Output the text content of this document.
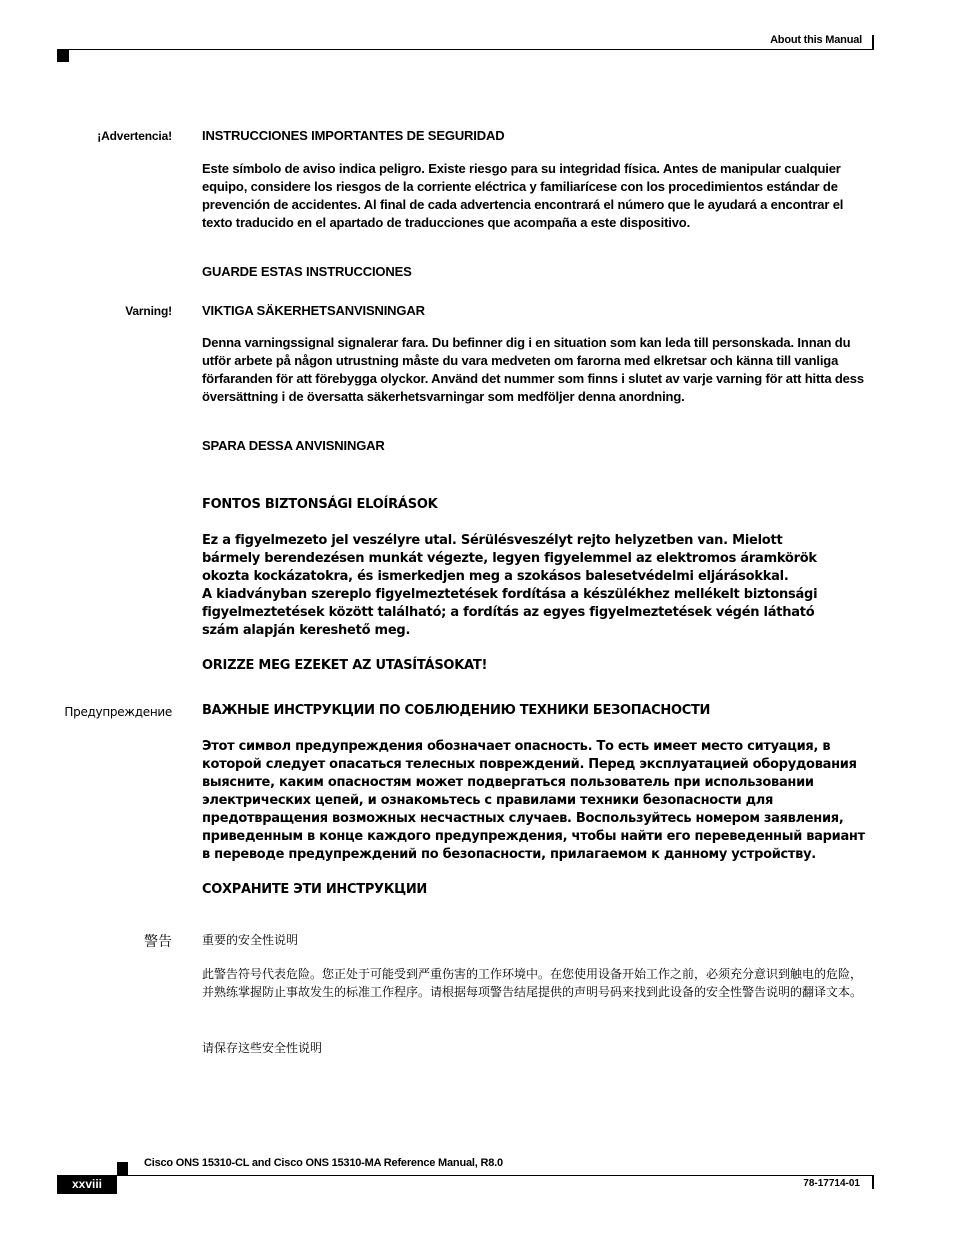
About this Manual
¡Advertencia! INSTRUCCIONES IMPORTANTES DE SEGURIDAD
Este símbolo de aviso indica peligro. Existe riesgo para su integridad física. Antes de manipular cualquier equipo, considere los riesgos de la corriente eléctrica y familiarícese con los procedimientos estándar de prevención de accidentes. Al final de cada advertencia encontrará el número que le ayudará a encontrar el texto traducido en el apartado de traducciones que acompaña a este dispositivo.
GUARDE ESTAS INSTRUCCIONES
Varning! VIKTIGA SÄKERHETSANVISNINGAR
Denna varningssignal signalerar fara. Du befinner dig i en situation som kan leda till personskada. Innan du utför arbete på någon utrustning måste du vara medveten om farorna med elkretsar och känna till vanliga förfaranden för att förebygga olyckor. Använd det nummer som finns i slutet av varje varning för att hitta dess översättning i de översatta säkerhetsvarningar som medföljer denna anordning.
SPARA DESSA ANVISNINGAR
FONTOS BIZTONSÁGI ELOÍRÁSOK
Ez a figyelmezeto jel veszélyre utal. Sérülésveszélyt rejto helyzetben van. Mielott
bármely berendezésen munkát végezte, legyen figyelemmel az elektromos áramkörök
okozta kockázatokra, és ismerkedjen meg a szokásos balesetvédelmi eljárásokkal.
A kiadványban szereplo figyelmeztetések fordítása a készülékhez mellékelt biztonsági
figyelmeztetések között található; a fordítás az egyes figyelmeztetések végén látható
szám alapján kereshető meg.
ORIZZE MEG EZEKET AZ UTASÍTÁSOKAT!
Предупреждение ВАЖНЫЕ ИНСТРУКЦИИ ПО СОБЛЮДЕНИЮ ТЕХНИКИ БЕЗОПАСНОСТИ
Этот символ предупреждения обозначает опасность. То есть имеет место ситуация, в которой следует опасаться телесных повреждений. Перед эксплуатацией оборудования выясните, каким опасностям может подвергаться пользователь при использовании электрических цепей, и ознакомьтесь с правилами техники безопасности для предотвращения возможных несчастных случаев. Воспользуйтесь номером заявления, приведенным в конце каждого предупреждения, чтобы найти его переведенный вариант в переводе предупреждений по безопасности, прилагаемом к данному устройству.
СОХРАНИТЕ ЭТИ ИНСТРУКЦИИ
警告	重要的安全性说明
此警告符号代表危险。您正处于可能受到严重伤害的工作环境中。在您使用设备开始工作之前，必须充分意识到触电的危险，并熟练掌握防止事故发生的标准工作程序。请根据每项警告结尾提供的声明号码来找到此设备的安全性警告说明的翻译文本。
请保存这些安全性说明
Cisco ONS 15310-CL and Cisco ONS 15310-MA Reference Manual, R8.0
xxviii	78-17714-01
